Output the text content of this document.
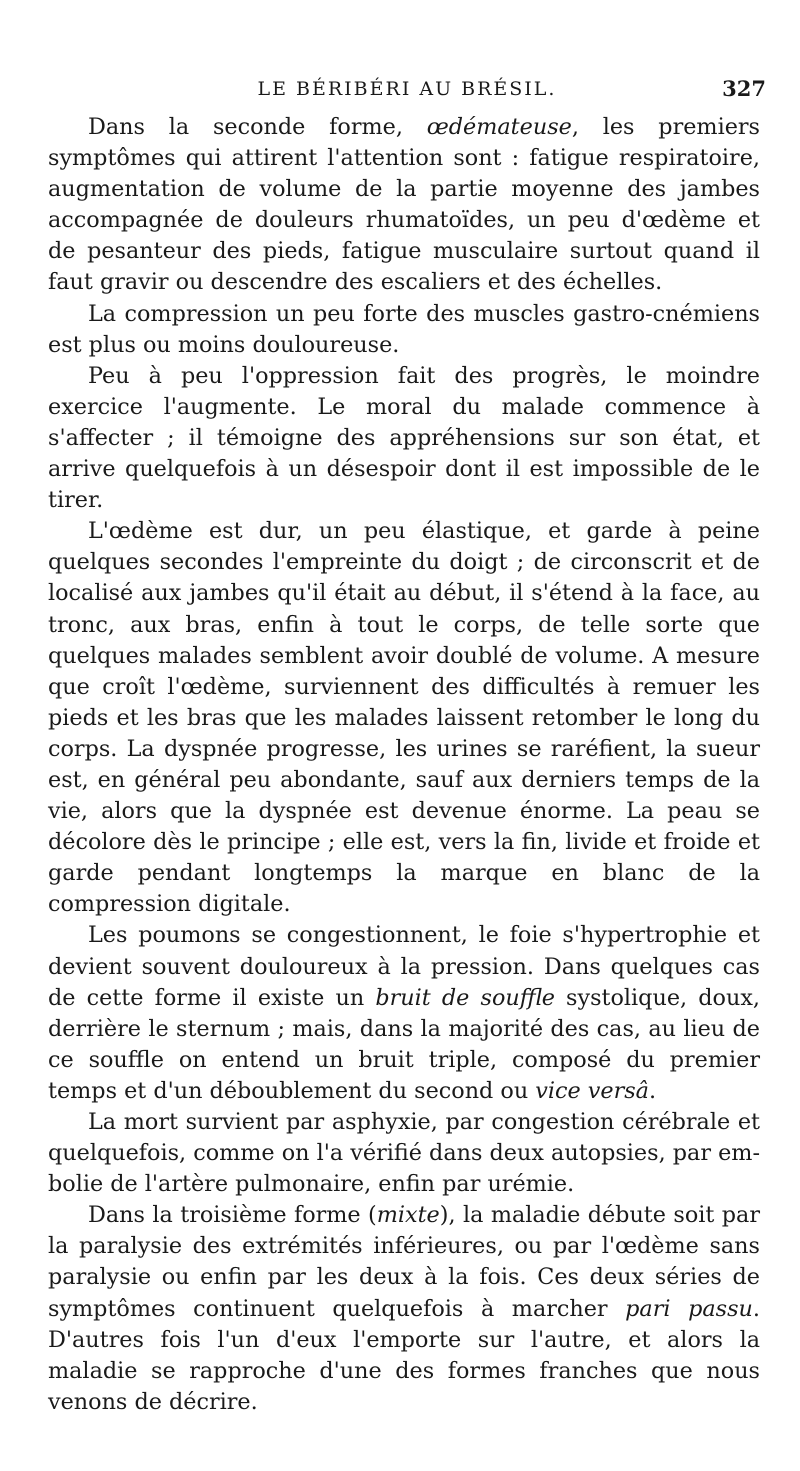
LE BÉRIBÉRI AU BRÉSIL.	327

Dans la seconde forme, œdémateuse, les premiers symptômes qui attirent l'attention sont : fatigue respiratoire, augmentation de volume de la partie moyenne des jambes accompagnée de douleurs rhumatoïdes, un peu d'œdème et de pesanteur des pieds, fatigue musculaire surtout quand il faut gravir ou descendre des escaliers et des échelles.

La compression un peu forte des muscles gastro-cnémiens est plus ou moins douloureuse.

Peu à peu l'oppression fait des progrès, le moindre exercice l'augmente. Le moral du malade commence à s'affecter ; il témoigne des appréhensions sur son état, et arrive quelquefois à un désespoir dont il est impossible de le tirer.

L'œdème est dur, un peu élastique, et garde à peine quelques secondes l'empreinte du doigt ; de circonscrit et de localisé aux jambes qu'il était au début, il s'étend à la face, au tronc, aux bras, enfin à tout le corps, de telle sorte que quelques malades semblent avoir doublé de volume. A mesure que croît l'œdème, surviennent des difficultés à remuer les pieds et les bras que les malades laissent retomber le long du corps. La dyspnée progresse, les urines se raréfient, la sueur est, en général peu abondante, sauf aux derniers temps de la vie, alors que la dyspnée est devenue énorme. La peau se décolore dès le principe ; elle est, vers la fin, livide et froide et garde pendant longtemps la marque en blanc de la compression digitale.

Les poumons se congestionnent, le foie s'hypertrophie et devient souvent douloureux à la pression. Dans quelques cas de cette forme il existe un bruit de souffle systolique, doux, derrière le sternum ; mais, dans la majorité des cas, au lieu de ce souffle on entend un bruit triple, composé du premier temps et d'un déboublement du second ou vice versâ.

La mort survient par asphyxie, par congestion cérébrale et quelquefois, comme on l'a vérifié dans deux autopsies, par embolie de l'artère pulmonaire, enfin par urémie.

Dans la troisième forme (mixte), la maladie débute soit par la paralysie des extrémités inférieures, ou par l'œdème sans paralysie ou enfin par les deux à la fois. Ces deux séries de symptômes continuent quelquefois à marcher pari passu. D'autres fois l'un d'eux l'emporte sur l'autre, et alors la maladie se rapproche d'une des formes franches que nous venons de décrire.
